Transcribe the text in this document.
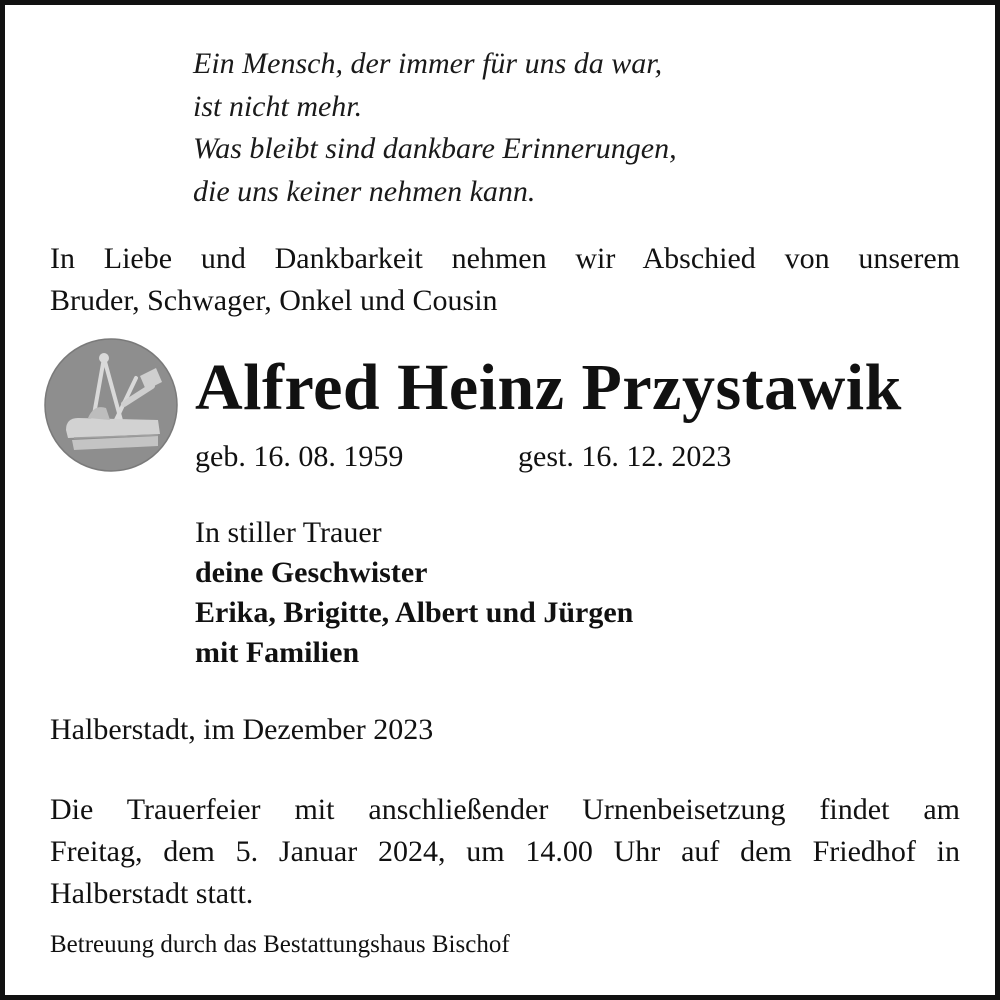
Ein Mensch, der immer für uns da war,
ist nicht mehr.
Was bleibt sind dankbare Erinnerungen,
die uns keiner nehmen kann.
In Liebe und Dankbarkeit nehmen wir Abschied von unserem
Bruder, Schwager, Onkel und Cousin
Alfred Heinz Przystawik
geb. 16. 08. 1959	gest. 16. 12. 2023
In stiller Trauer
deine Geschwister
Erika, Brigitte, Albert und Jürgen
mit Familien
Halberstadt, im Dezember 2023
Die Trauerfeier mit anschließender Urnenbeisetzung findet am
Freitag, dem 5. Januar 2024, um 14.00 Uhr auf dem Friedhof in
Halberstadt statt.
Betreuung durch das Bestattungshaus Bischof
